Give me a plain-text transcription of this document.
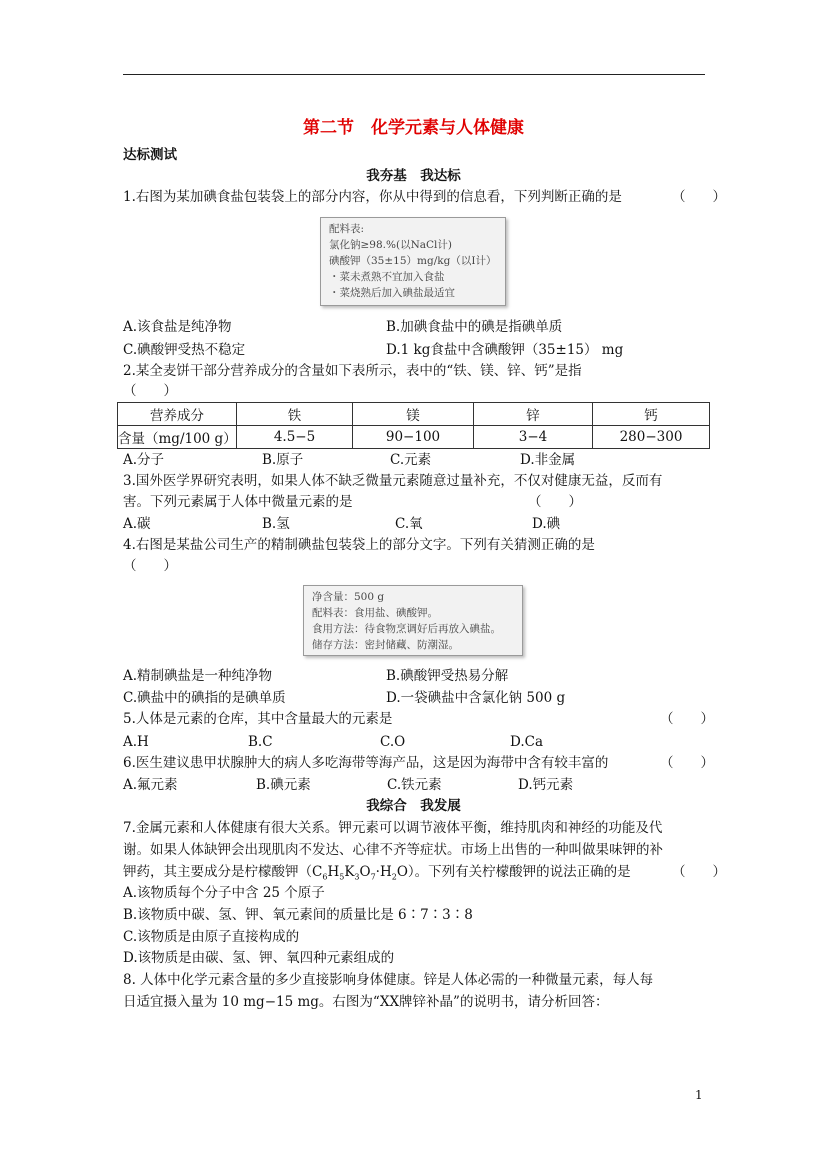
第二节　化学元素与人体健康
达标测试
我夯基　我达标
1.右图为某加碘食盐包装袋上的部分内容，你从中得到的信息看，下列判断正确的是	（　　）
配料表:
氯化钠≥98.%(以NaCl计)
碘酸钾（35±15）mg/kg（以I计）
・菜未煮熟不宜加入食盐
・菜烧熟后加入碘盐最适宜
A.该食盐是纯净物	B.加碘食盐中的碘是指碘单质
C.碘酸钾受热不稳定	D.1 kg食盐中含碘酸钾（35±15） mg
2.某全麦饼干部分营养成分的含量如下表所示，表中的“铁、镁、锌、钙”是指
（　　）
营养成分	铁	镁	锌	钙
含量（mg/100 g）	4.5−5	90−100	3−4	280−300
A.分子	B.原子	C.元素	D.非金属
3.国外医学界研究表明，如果人体不缺乏微量元素随意过量补充，不仅对健康无益，反而有
害。下列元素属于人体中微量元素的是	（　　）
A.碳	B.氢	C.氧	D.碘
4.右图是某盐公司生产的精制碘盐包装袋上的部分文字。下列有关猜测正确的是
（　　）
净含量：500 g
配料表：食用盐、碘酸钾。
食用方法：待食物烹调好后再放入碘盐。
储存方法：密封储藏、防潮湿。
A.精制碘盐是一种纯净物	B.碘酸钾受热易分解
C.碘盐中的碘指的是碘单质	D.一袋碘盐中含氯化钠 500 g
5.人体是元素的仓库，其中含量最大的元素是	（　　）
A.H	B.C	C.O	D.Ca
6.医生建议患甲状腺肿大的病人多吃海带等海产品，这是因为海带中含有较丰富的	（　　）
A.氟元素	B.碘元素	C.铁元素	D.钙元素
我综合　我发展
7.金属元素和人体健康有很大关系。钾元素可以调节液体平衡，维持肌肉和神经的功能及代
谢。如果人体缺钾会出现肌肉不发达、心律不齐等症状。市场上出售的一种叫做果味钾的补
钾药，其主要成分是柠檬酸钾$(C_6H_5K_3O_7\cdot H_2O)$。下列有关柠檬酸钾的说法正确的是	（　　）
A.该物质每个分子中含 25 个原子
B.该物质中碳、氢、钾、氧元素间的质量比是 6∶7∶3∶8
C.该物质是由原子直接构成的
D.该物质是由碳、氢、钾、氧四种元素组成的
8. 人体中化学元素含量的多少直接影响身体健康。锌是人体必需的一种微量元素，每人每
日适宜摄入量为 10 mg−15 mg。右图为“XX牌锌补晶”的说明书，请分析回答：
1
